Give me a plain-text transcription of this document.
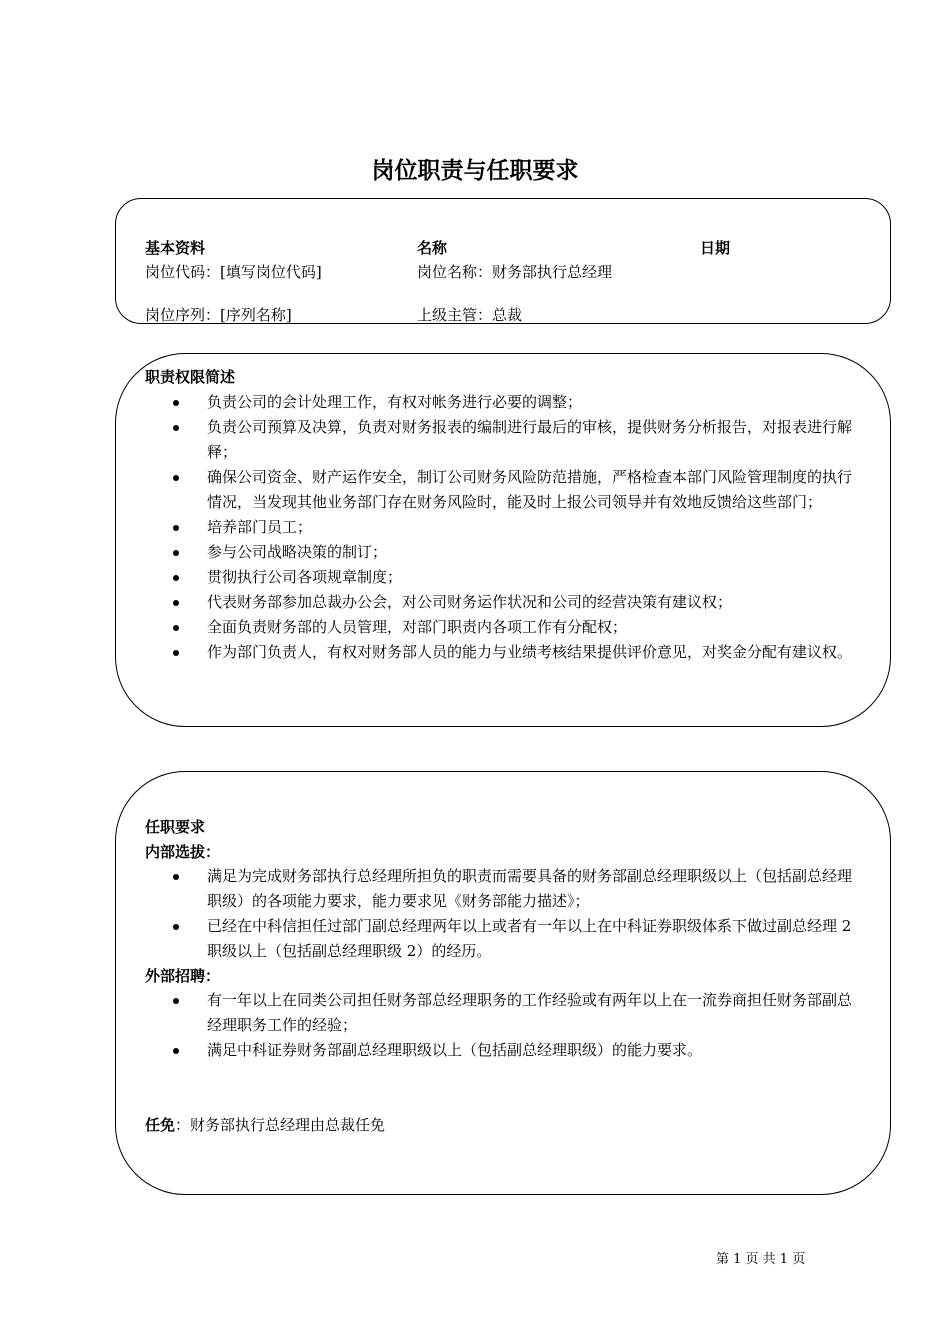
岗位职责与任职要求
基本资料	名称	日期
岗位代码：[填写岗位代码]	岗位名称：财务部执行总经理
岗位序列：[序列名称]	上级主管：总裁
职责权限简述
负责公司的会计处理工作，有权对帐务进行必要的调整；
负责公司预算及决算，负责对财务报表的编制进行最后的审核，提供财务分析报告，对报表进行解释；
确保公司资金、财产运作安全，制订公司财务风险防范措施，严格检查本部门风险管理制度的执行情况，当发现其他业务部门存在财务风险时，能及时上报公司领导并有效地反馈给这些部门；
培养部门员工；
参与公司战略决策的制订；
贯彻执行公司各项规章制度；
代表财务部参加总裁办公会，对公司财务运作状况和公司的经营决策有建议权；
全面负责财务部的人员管理，对部门职责内各项工作有分配权；
作为部门负责人，有权对财务部人员的能力与业绩考核结果提供评价意见，对奖金分配有建议权。
任职要求
内部选拔：
满足为完成财务部执行总经理所担负的职责而需要具备的财务部副总经理职级以上（包括副总经理职级）的各项能力要求，能力要求见《财务部能力描述》；
已经在中科信担任过部门副总经理两年以上或者有一年以上在中科证券职级体系下做过副总经理 2 职级以上（包括副总经理职级 2）的经历。
外部招聘：
有一年以上在同类公司担任财务部总经理职务的工作经验或有两年以上在一流券商担任财务部副总经理职务工作的经验；
满足中科证券财务部副总经理职级以上（包括副总经理职级）的能力要求。
任免：财务部执行总经理由总裁任免
第 1 页 共 1 页
